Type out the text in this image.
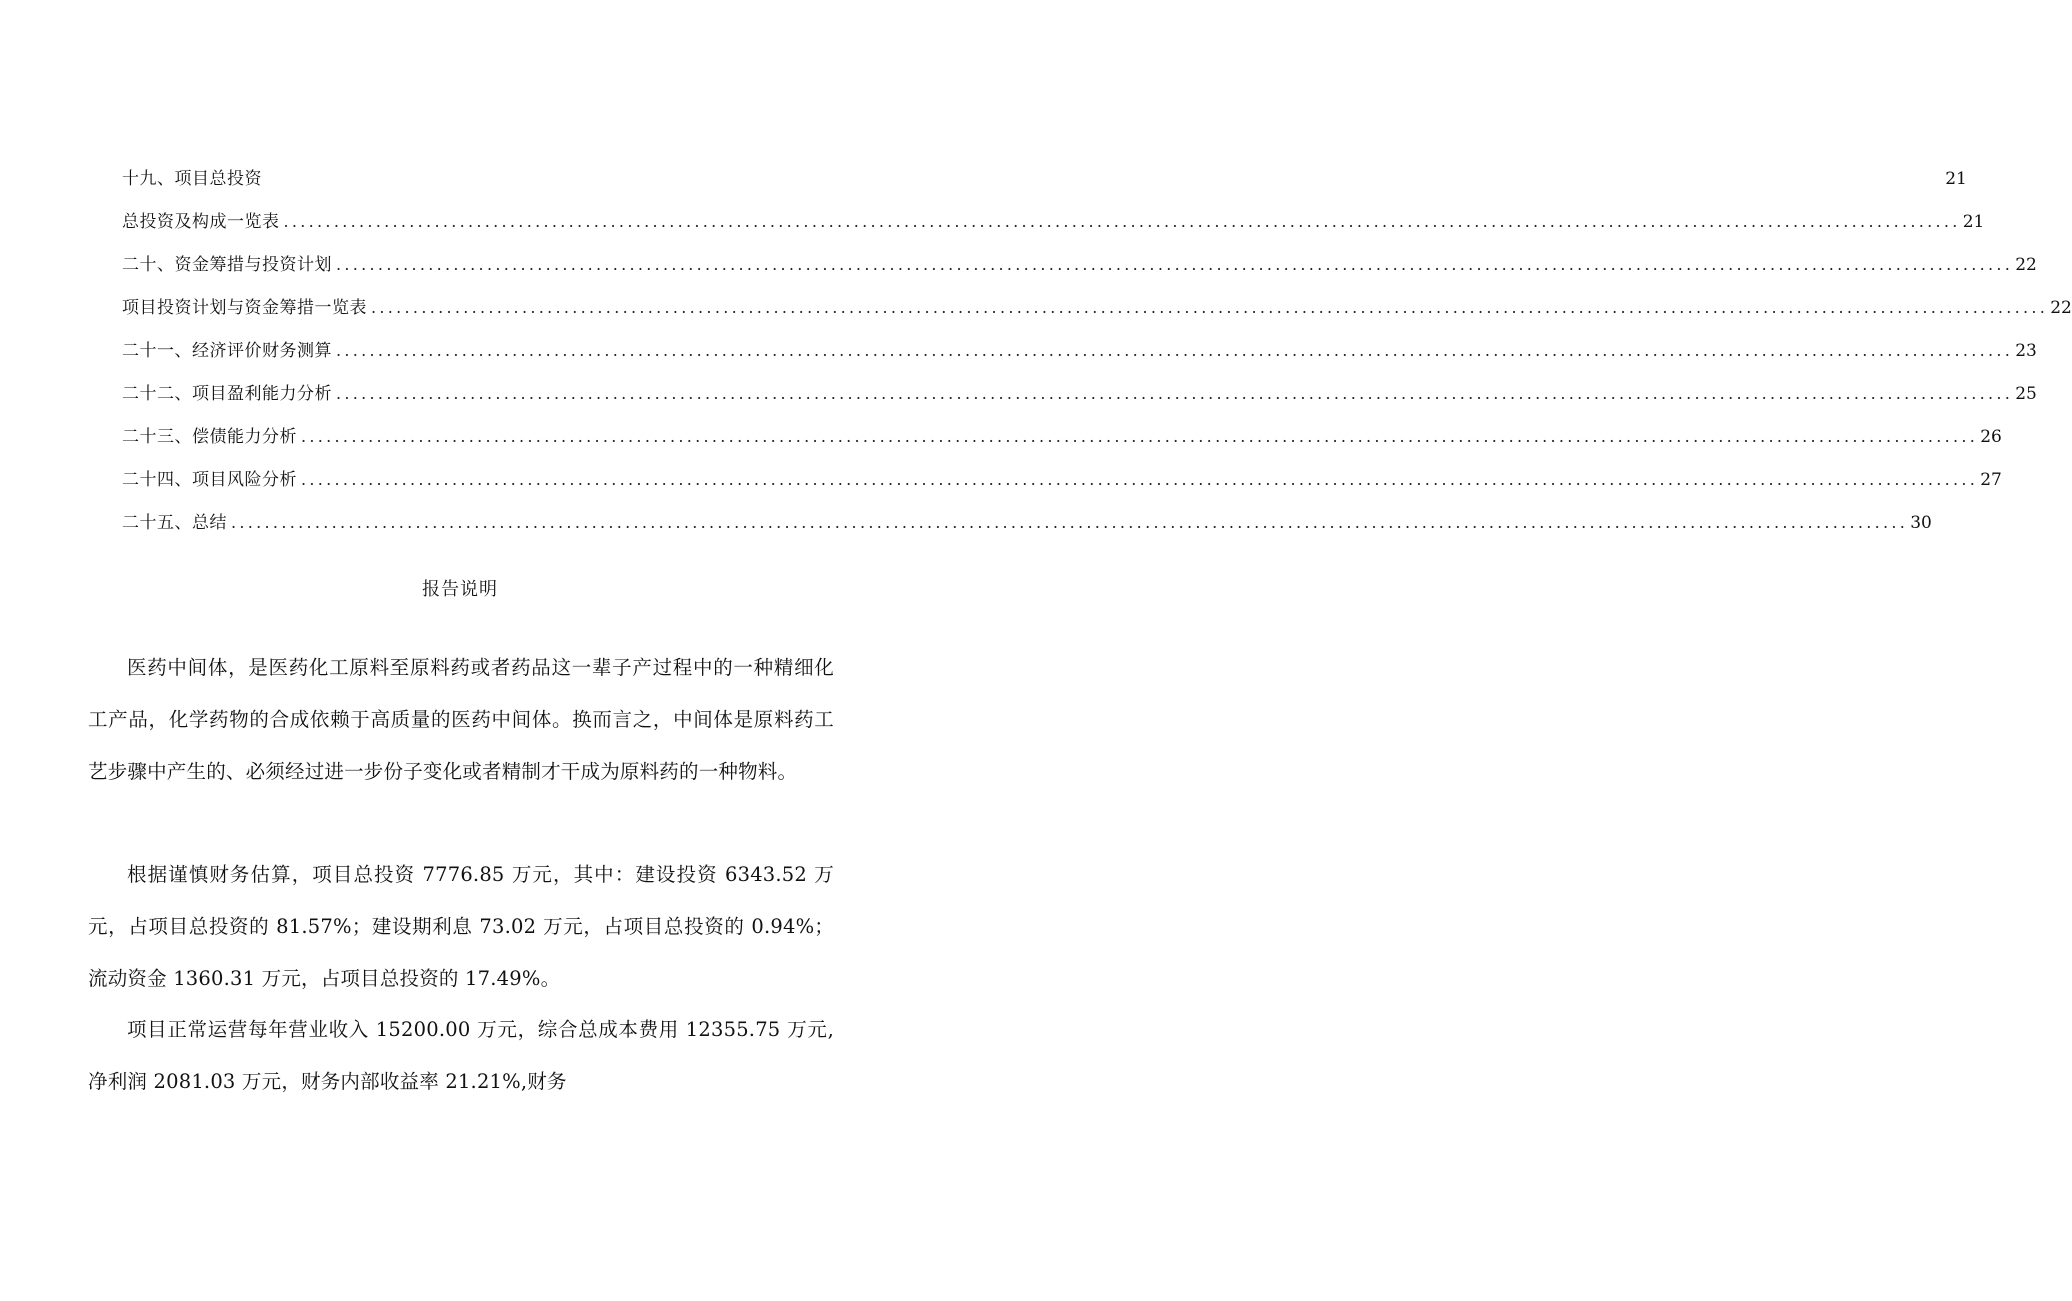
十九、项目总投资	21
总投资及构成一览表 ........................................................................................................................................................................................................ 21
二十、资金筹措与投资计划 ........................................................................................................................................................................................................ 22
项目投资计划与资金筹措一览表 ........................................................................................................................................................................................................ 22
二十一、经济评价财务测算 ........................................................................................................................................................................................................ 23
二十二、项目盈利能力分析 ........................................................................................................................................................................................................ 25
二十三、偿债能力分析 ........................................................................................................................................................................................................ 26
二十四、项目风险分析 ........................................................................................................................................................................................................ 27
二十五、总结 ........................................................................................................................................................................................................ 30
报告说明

医药中间体，是医药化工原料至原料药或者药品这一辈子产过程中的一种精细化工产品，化学药物的合成依赖于高质量的医药中间体。换而言之，中间体是原料药工艺步骤中产生的、必须经过进一步份子变化或者精制才干成为原料药的一种物料。

根据谨慎财务估算，项目总投资 7776.85 万元，其中：建设投资 6343.52 万元，占项目总投资的 81.57%；建设期利息 73.02 万元，占项目总投资的 0.94%；流动资金 1360.31 万元，占项目总投资的 17.49%。

项目正常运营每年营业收入 15200.00 万元，综合总成本费用 12355.75 万元,净利润 2081.03 万元，财务内部收益率 21.21%,财务
